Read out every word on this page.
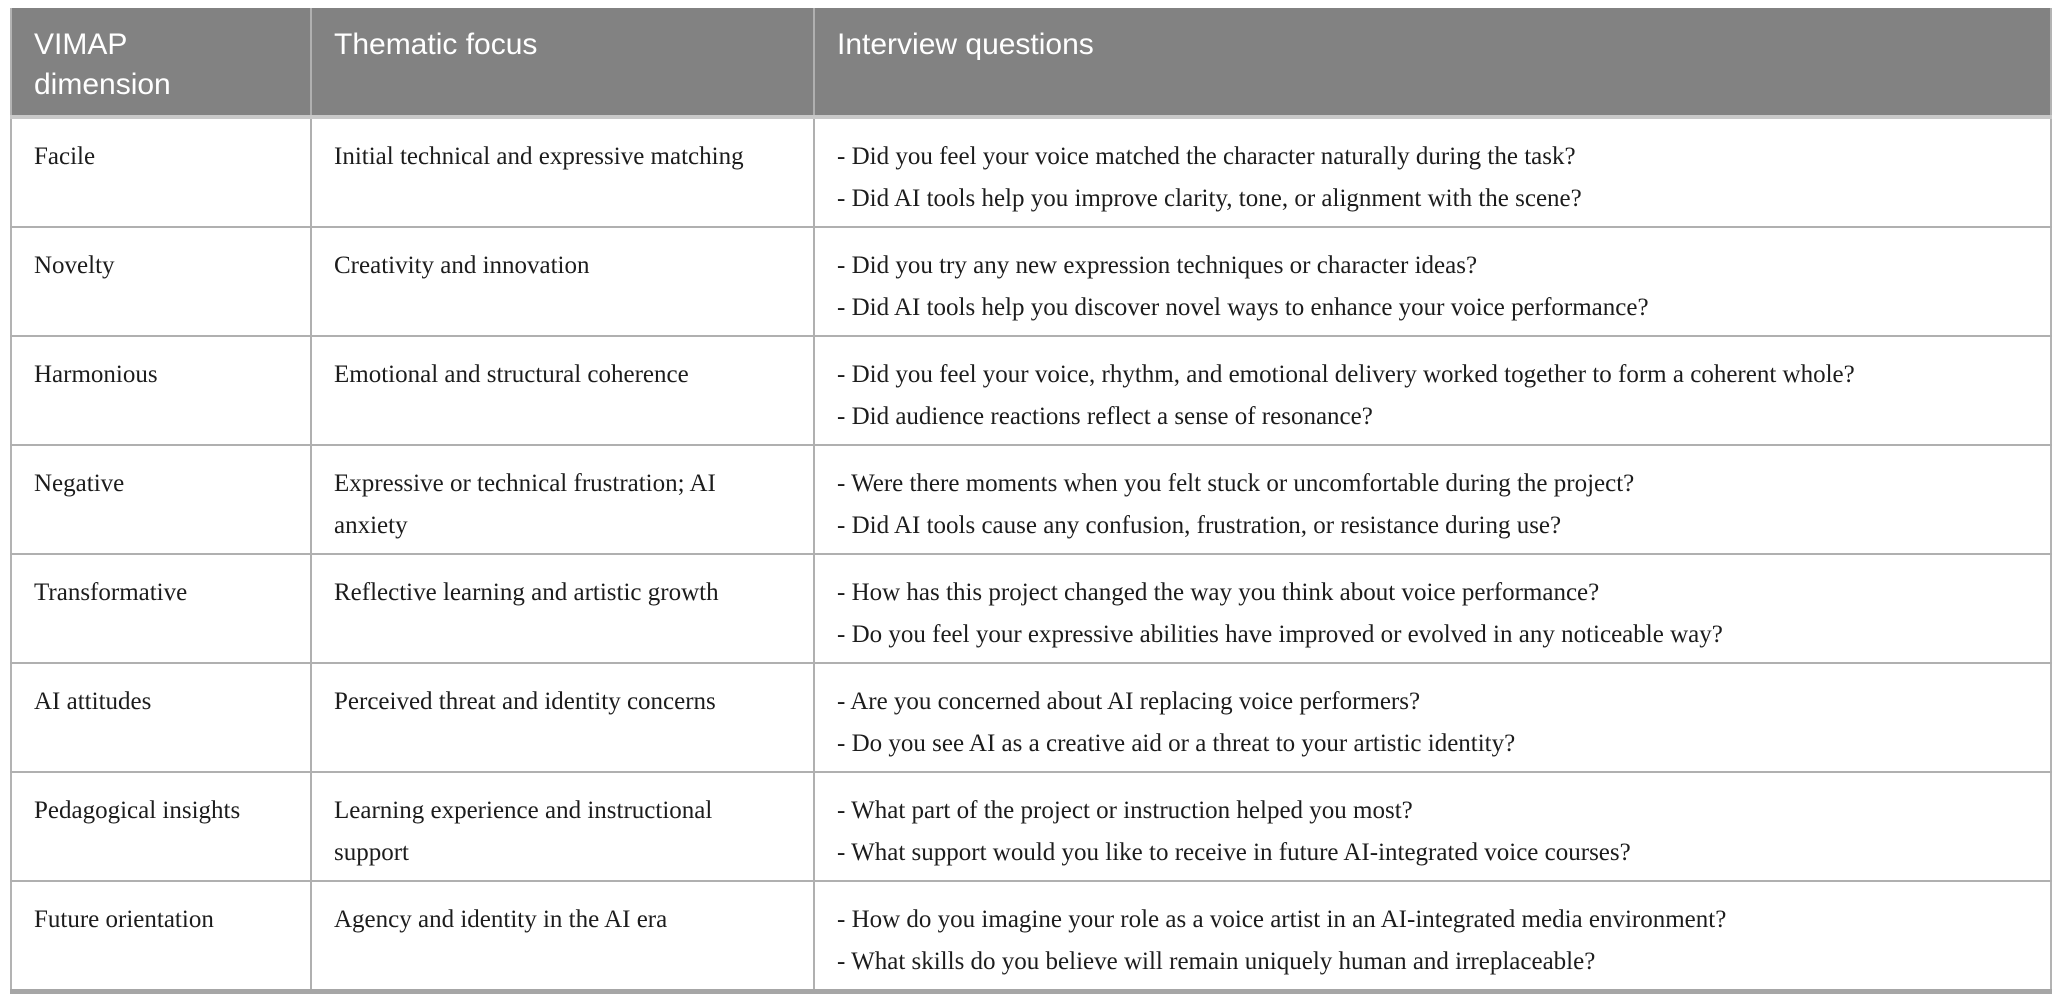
VIMAP dimension	Thematic focus	Interview questions
Facile	Initial technical and expressive matching	- Did you feel your voice matched the character naturally during the task?
- Did AI tools help you improve clarity, tone, or alignment with the scene?

Novelty	Creativity and innovation	- Did you try any new expression techniques or character ideas?
- Did AI tools help you discover novel ways to enhance your voice performance?

Harmonious	Emotional and structural coherence	- Did you feel your voice, rhythm, and emotional delivery worked together to form a coherent whole?
- Did audience reactions reflect a sense of resonance?

Negative	Expressive or technical frustration; AI anxiety	- Were there moments when you felt stuck or uncomfortable during the project?
- Did AI tools cause any confusion, frustration, or resistance during use?

Transformative	Reflective learning and artistic growth	- How has this project changed the way you think about voice performance?
- Do you feel your expressive abilities have improved or evolved in any noticeable way?

AI attitudes	Perceived threat and identity concerns	- Are you concerned about AI replacing voice performers?
- Do you see AI as a creative aid or a threat to your artistic identity?

Pedagogical insights	Learning experience and instructional support	- What part of the project or instruction helped you most?
- What support would you like to receive in future AI-integrated voice courses?

Future orientation	Agency and identity in the AI era	- How do you imagine your role as a voice artist in an AI-integrated media environment?
- What skills do you believe will remain uniquely human and irreplaceable?
